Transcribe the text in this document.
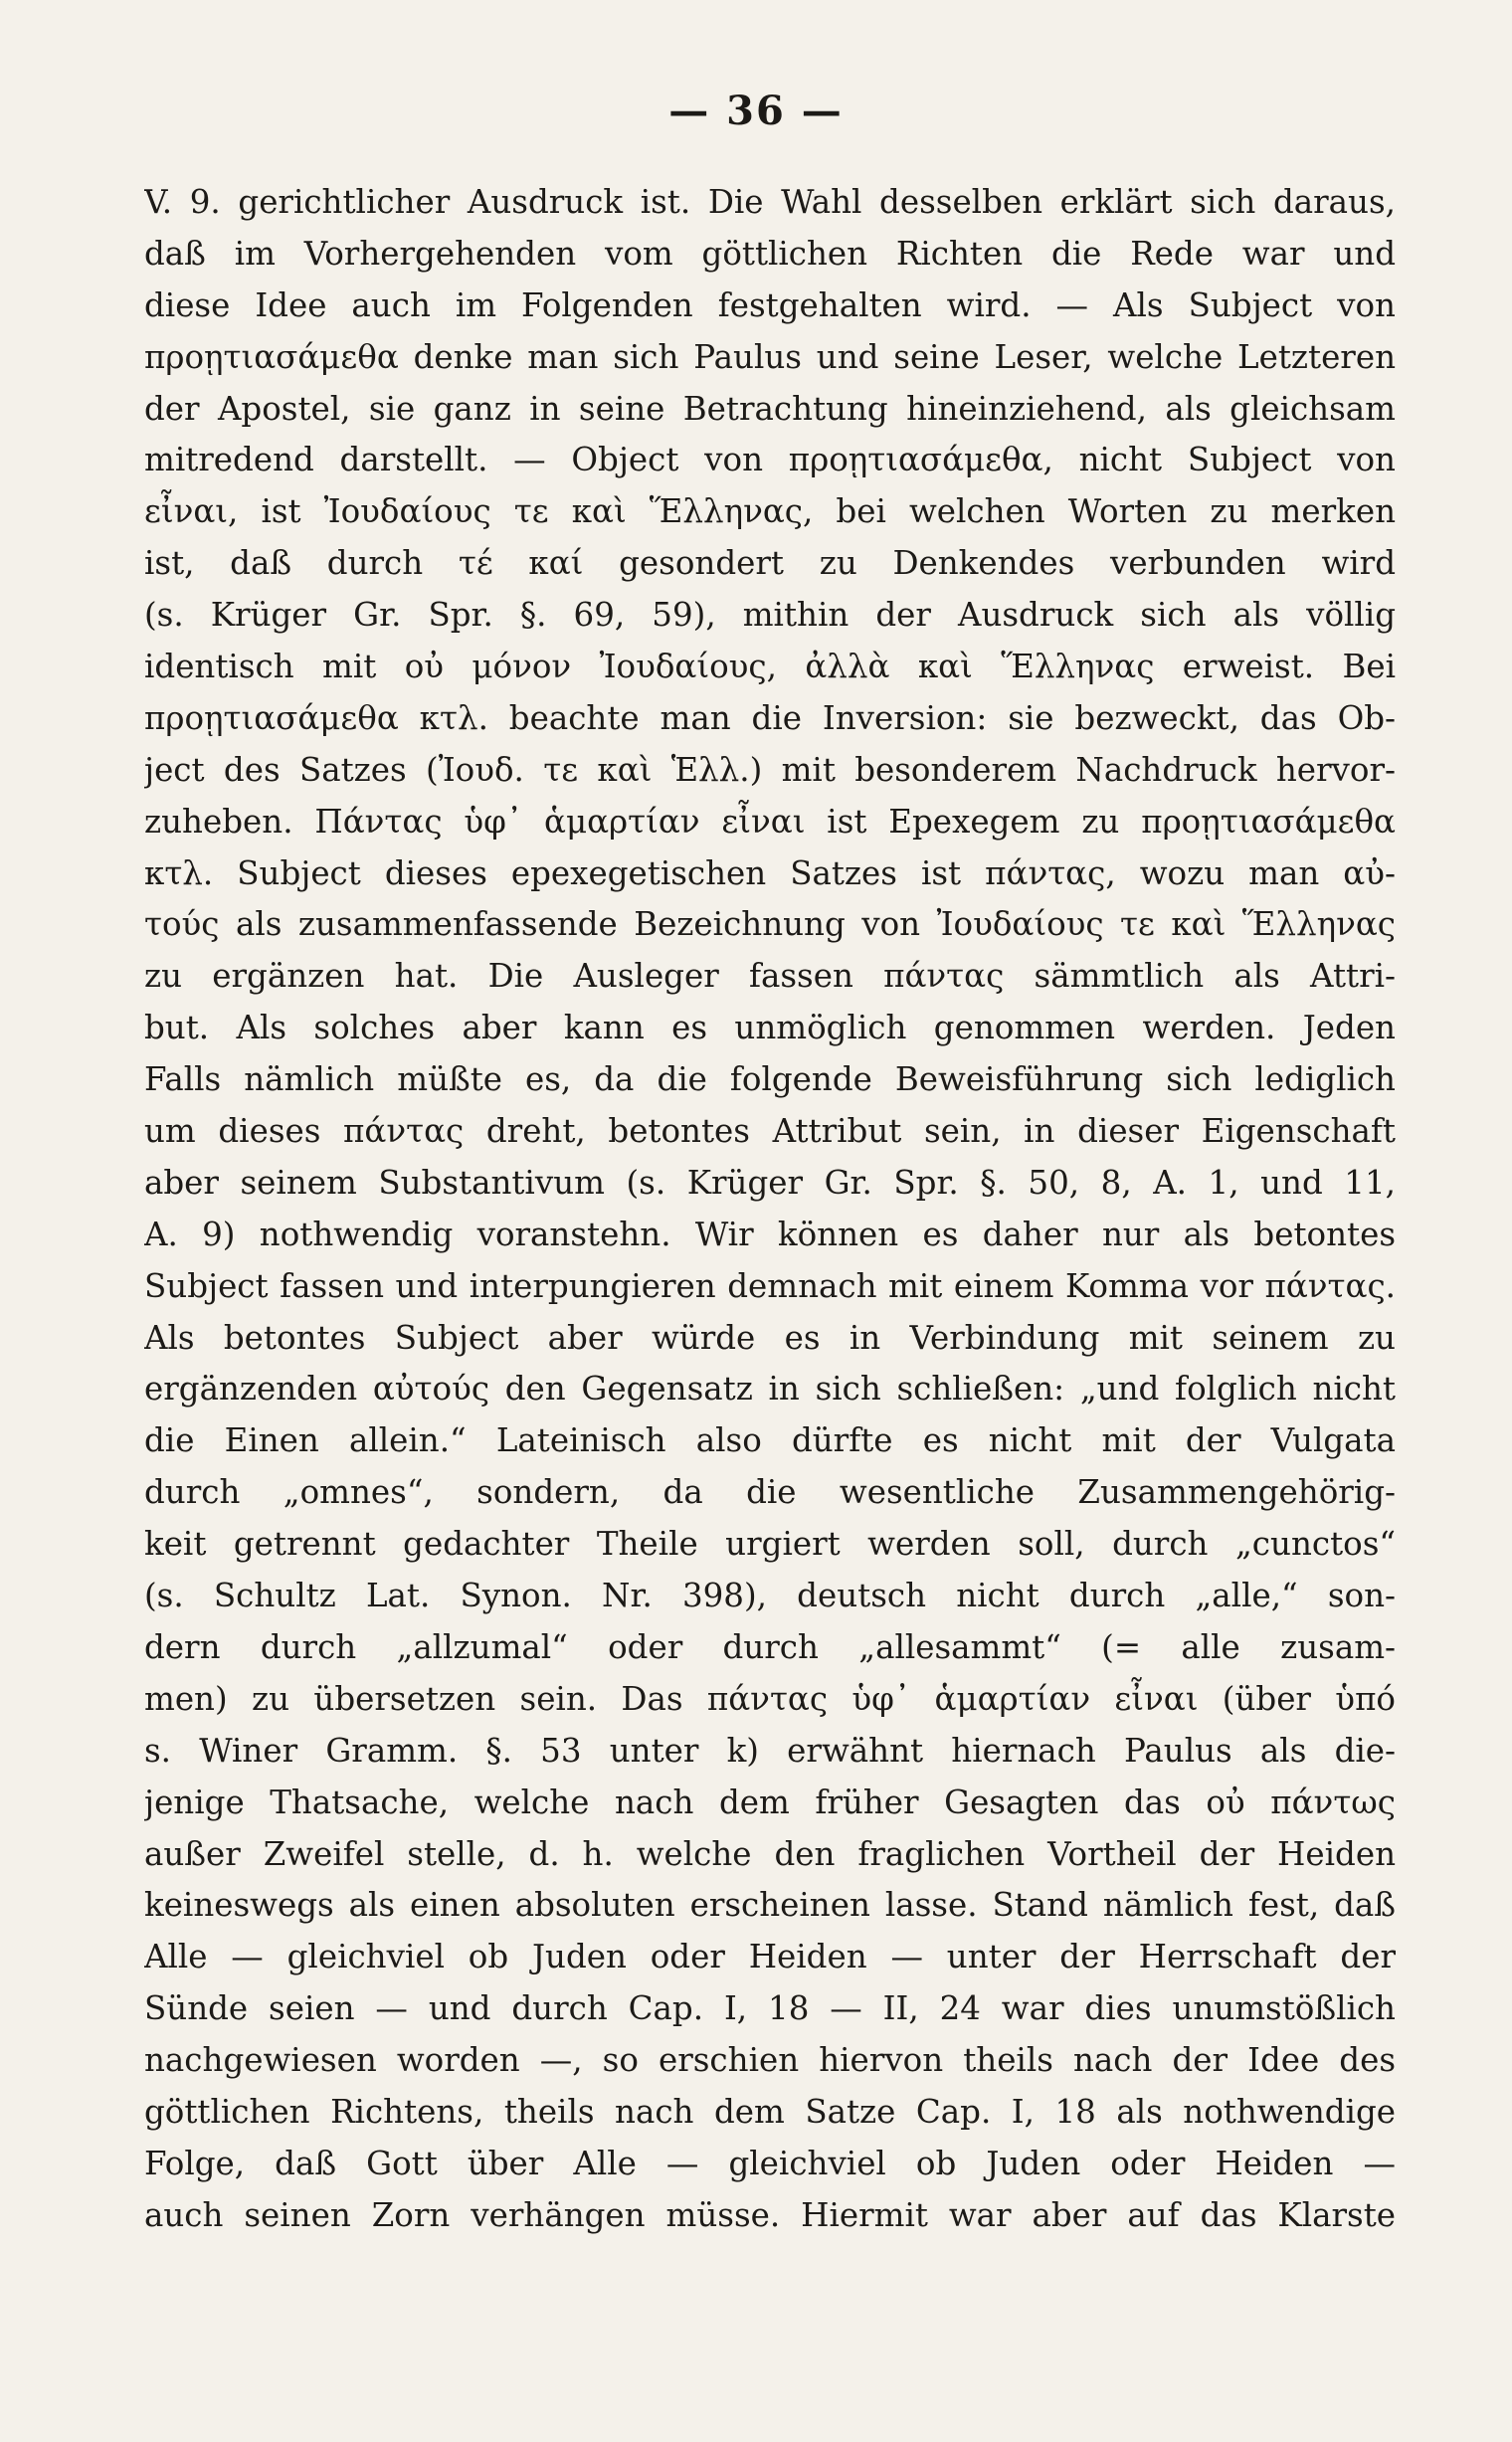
— 36 —
V. 9. gerichtlicher Ausdruck ist. Die Wahl desselben erklärt sich daraus,
daß im Vorhergehenden vom göttlichen Richten die Rede war und
diese Idee auch im Folgenden festgehalten wird. — Als Subject von
προῃτιασάμεθα denke man sich Paulus und seine Leser, welche Letzteren
der Apostel, sie ganz in seine Betrachtung hineinziehend, als gleichsam
mitredend darstellt. — Object von προῃτιασάμεθα, nicht Subject von
εἶναι, ist Ἰουδαίους τε καὶ Ἕλληνας, bei welchen Worten zu merken
ist, daß durch τέ καί gesondert zu Denkendes verbunden wird
(s. Krüger Gr. Spr. §. 69, 59), mithin der Ausdruck sich als völlig
identisch mit οὐ μόνον Ἰουδαίους, ἀλλὰ καὶ Ἕλληνας erweist. Bei
προῃτιασάμεθα κτλ. beachte man die Inversion: sie bezweckt, das Ob-
ject des Satzes (Ἰουδ. τε καὶ Ἑλλ.) mit besonderem Nachdruck hervor-
zuheben. Πάντας ὑφ᾽ ἁμαρτίαν εἶναι ist Epexegem zu προῃτιασάμεθα
κτλ. Subject dieses epexegetischen Satzes ist πάντας, wozu man αὐ-
τούς als zusammenfassende Bezeichnung von Ἰουδαίους τε καὶ Ἕλληνας
zu ergänzen hat. Die Ausleger fassen πάντας sämmtlich als Attri-
but. Als solches aber kann es unmöglich genommen werden. Jeden
Falls nämlich müßte es, da die folgende Beweisführung sich lediglich
um dieses πάντας dreht, betontes Attribut sein, in dieser Eigenschaft
aber seinem Substantivum (s. Krüger Gr. Spr. §. 50, 8, A. 1, und 11,
A. 9) nothwendig voranstehn. Wir können es daher nur als betontes
Subject fassen und interpungieren demnach mit einem Komma vor πάντας.
Als betontes Subject aber würde es in Verbindung mit seinem zu
ergänzenden αὐτούς den Gegensatz in sich schließen: „und folglich nicht
die Einen allein.“ Lateinisch also dürfte es nicht mit der Vulgata
durch „omnes“, sondern, da die wesentliche Zusammengehörig-
keit getrennt gedachter Theile urgiert werden soll, durch „cunctos“
(s. Schultz Lat. Synon. Nr. 398), deutsch nicht durch „alle,“ son-
dern durch „allzumal“ oder durch „allesammt“ (= alle zusam-
men) zu übersetzen sein. Das πάντας ὑφ᾽ ἁμαρτίαν εἶναι (über ὑπό
s. Winer Gramm. §. 53 unter k) erwähnt hiernach Paulus als die-
jenige Thatsache, welche nach dem früher Gesagten das οὐ πάντως
außer Zweifel stelle, d. h. welche den fraglichen Vortheil der Heiden
keineswegs als einen absoluten erscheinen lasse. Stand nämlich fest, daß
Alle — gleichviel ob Juden oder Heiden — unter der Herrschaft der
Sünde seien — und durch Cap. I, 18 — II, 24 war dies unumstößlich
nachgewiesen worden —, so erschien hiervon theils nach der Idee des
göttlichen Richtens, theils nach dem Satze Cap. I, 18 als nothwendige
Folge, daß Gott über Alle — gleichviel ob Juden oder Heiden —
auch seinen Zorn verhängen müsse. Hiermit war aber auf das Klarste
